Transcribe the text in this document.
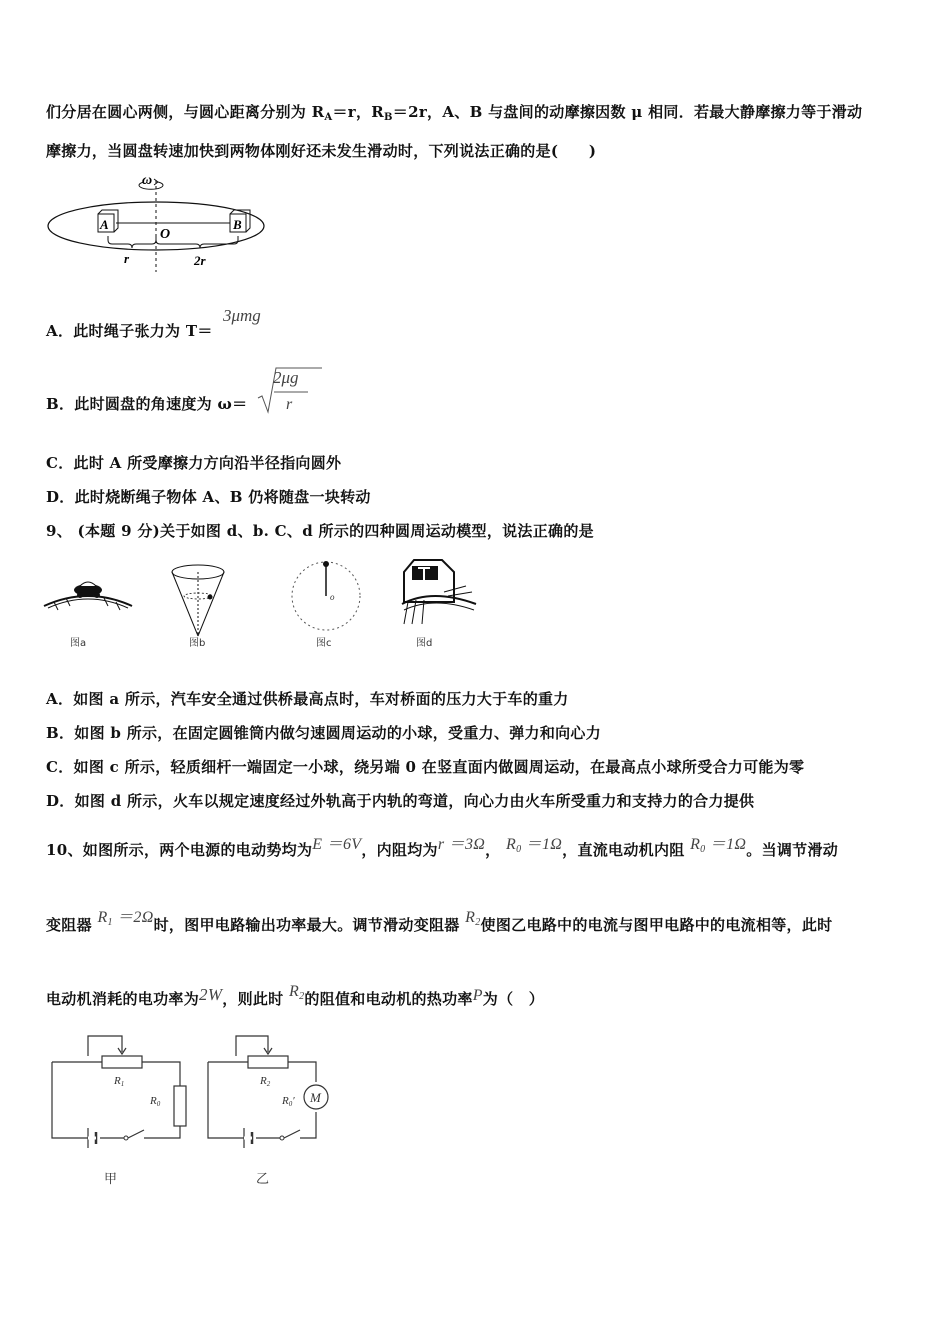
们分居在圆心两侧，与圆心距离分别为 $R_A=r$，$R_B=2r$，A、B 与盘间的动摩擦因数 μ 相同．若最大静摩擦力等于滑动
摩擦力，当圆盘转速加快到两物体刚好还未发生滑动时，下列说法正确的是(　　)
ω
A	B
O
r	2r
A．此时绳子张力为 T＝
3μmg
B．此时圆盘的角速度为 ω＝
2μg
r
C．此时 A 所受摩擦力方向沿半径指向圆外
D．此时烧断绳子物体 A、B 仍将随盘一块转动
9、 (本题 9 分)关于如图 d、b. C、d 所示的四种圆周运动模型，说法正确的是
图a	图b
o
图c	图d
A．如图 a 所示，汽车安全通过供桥最高点时，车对桥面的压力大于车的重力
B．如图 b 所示，在固定圆锥筒内做匀速圆周运动的小球，受重力、弹力和向心力
C．如图 c 所示，轻质细杆一端固定一小球，绕另端 0 在竖直面内做圆周运动，在最高点小球所受合力可能为零
D．如图 d 所示，火车以规定速度经过外轨高于内轨的弯道，向心力由火车所受重力和支持力的合力提供
10、如图所示，两个电源的电动势均为E ＝6V，内阻均为r ＝3Ω， $R_0 =1\Omega$，直流电动机内阻 $R_0 =1\Omega$。当调节滑动
变阻器 $R_1 =2\Omega$时，图甲电路输出功率最大。调节滑动变阻器 $R_2$使图乙电路中的电流与图甲电路中的电流相等，此时
电动机消耗的电功率为2W，则此时 $R_2$的阻值和电动机的热功率P为（　）
R1
R0
甲
M
R2
R0′
乙
